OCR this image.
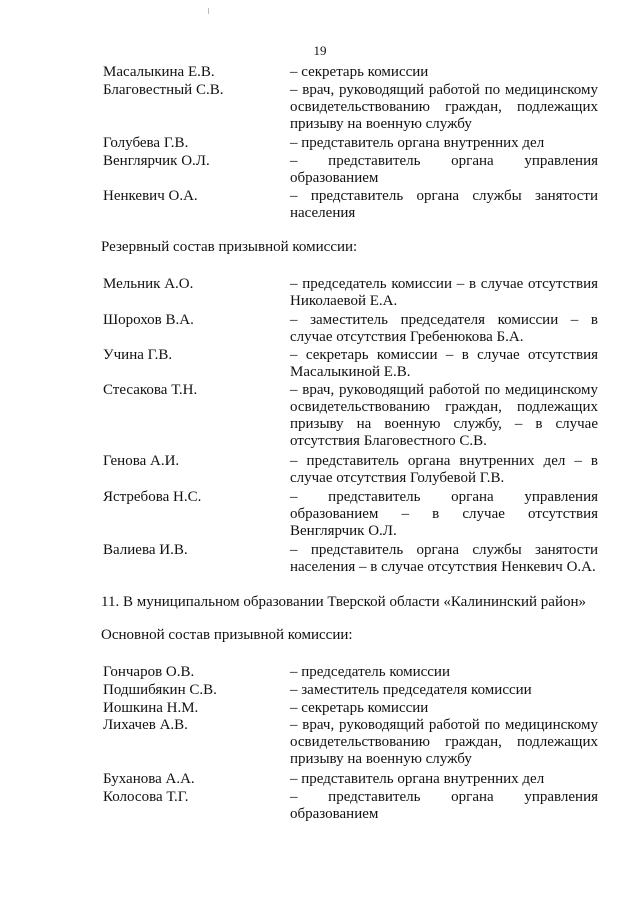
19
Масалыкина Е.В.	– секретарь комиссии
Благовестный С.В.	– врач, руководящий работой по медицинскому освидетельствованию граждан, подлежащих призыву на военную службу
Голубева Г.В.	– представитель органа внутренних дел
Венглярчик О.Л.	– представитель органа управления образованием
Ненкевич О.А.	– представитель органа службы занятости населения
Резервный состав призывной комиссии:
Мельник А.О.	– председатель комиссии – в случае отсутствия Николаевой Е.А.
Шорохов В.А.	– заместитель председателя комиссии – в случае отсутствия Гребенюкова Б.А.
Учина Г.В.	– секретарь комиссии – в случае отсутствия Масалыкиной Е.В.
Стесакова Т.Н.	– врач, руководящий работой по медицинскому освидетельствованию граждан, подлежащих призыву на военную службу, – в случае отсутствия Благовестного С.В.
Генова А.И.	– представитель органа внутренних дел – в случае отсутствия Голубевой Г.В.
Ястребова Н.С.	– представитель органа управления образованием – в случае отсутствия Венглярчик О.Л.
Валиева И.В.	– представитель органа службы занятости населения – в случае отсутствия Ненкевич О.А.
11. В муниципальном образовании Тверской области «Калининский район»
Основной состав призывной комиссии:
Гончаров О.В.	– председатель комиссии
Подшибякин С.В.	– заместитель председателя комиссии
Иошкина Н.М.	– секретарь комиссии
Лихачев А.В.	– врач, руководящий работой по медицинскому освидетельствованию граждан, подлежащих призыву на военную службу
Буханова А.А.	– представитель органа внутренних дел
Колосова Т.Г.	– представитель органа управления образованием
